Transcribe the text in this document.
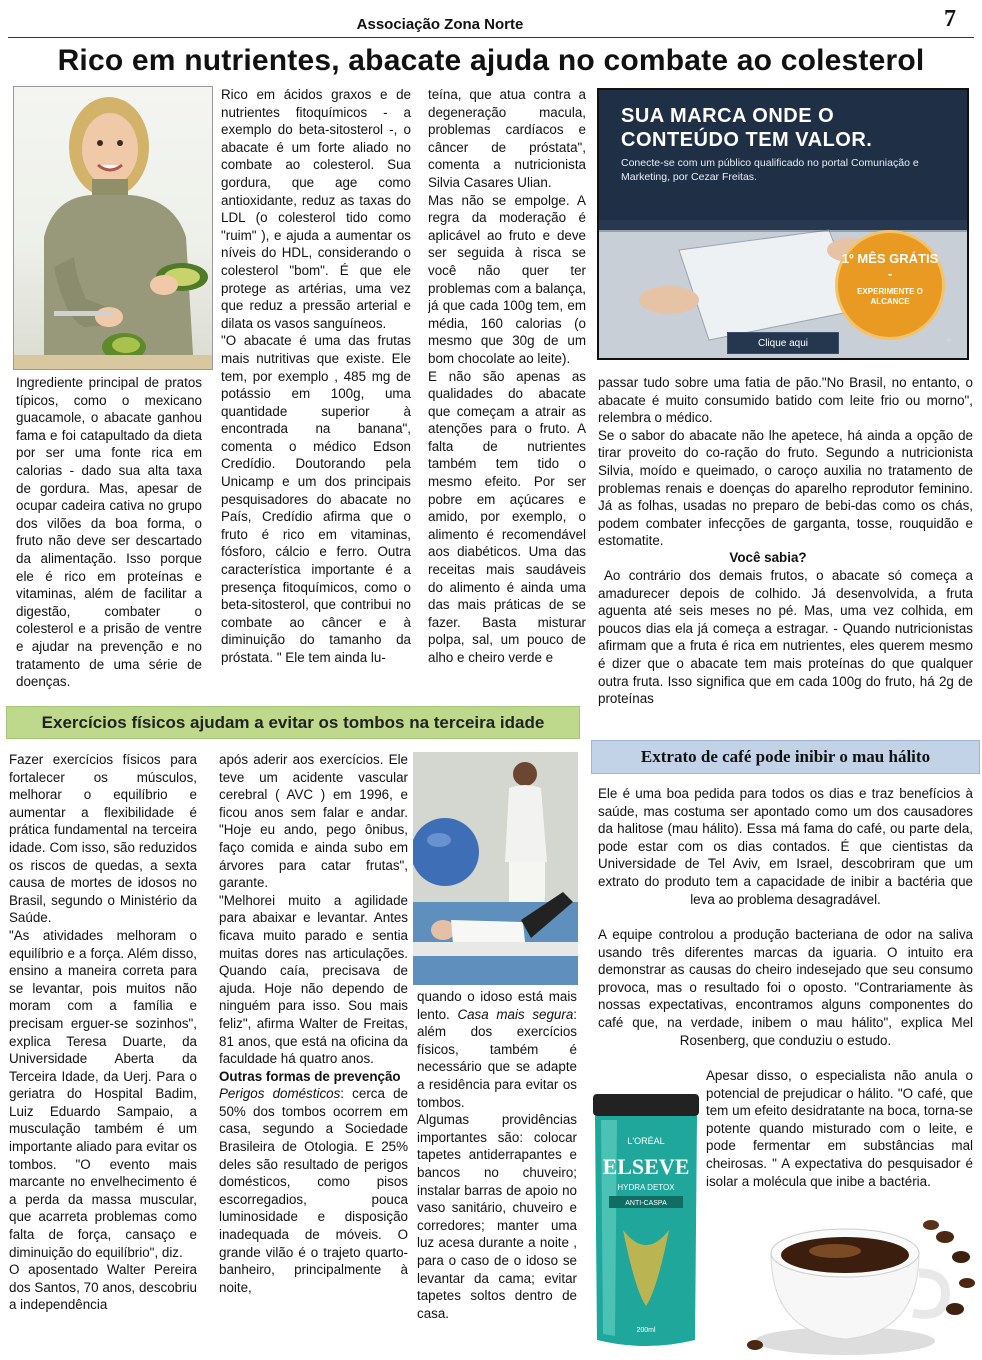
Associação Zona Norte	7
Rico em nutrientes, abacate ajuda no combate ao colesterol

Ingrediente principal de pratos típicos, como o mexicano guacamole, o abacate ganhou fama e foi catapultado da dieta por ser uma fonte rica em calorias - dado sua alta taxa de gordura. Mas, apesar de ocupar cadeira cativa no grupo dos vilões da boa forma, o fruto não deve ser descartado da alimentação. Isso porque ele é rico em proteínas e vitaminas, além de facilitar a digestão, combater o colesterol e a prisão de ventre e ajudar na prevenção e no tratamento de uma série de doenças.

Rico em ácidos graxos e de nutrientes fitoquímicos - a exemplo do beta-sitosterol -, o abacate é um forte aliado no combate ao colesterol. Sua gordura, que age como antioxidante, reduz as taxas do LDL (o colesterol tido como "ruim" ), e ajuda a aumentar os níveis do HDL, considerando o colesterol "bom". É que ele protege as artérias, uma vez que reduz a pressão arterial e dilata os vasos sanguíneos.

"O abacate é uma das frutas mais nutritivas que existe. Ele tem, por exemplo , 485 mg de potássio em 100g, uma quantidade superior à encontrada na banana", comenta o médico Edson Credídio. Doutorando pela Unicamp e um dos principais pesquisadores do abacate no País, Credídio afirma que o fruto é rico em vitaminas, fósforo, cálcio e ferro. Outra característica importante é a presença fitoquímicos, como o beta-sitosterol, que contribui no combate ao câncer e à diminuição do tamanho da próstata. " Ele tem ainda lu-

teína, que atua contra a degeneração macula, problemas cardíacos e câncer de próstata", comenta a nutricionista Silvia Casares Ulian.

Mas não se empolge. A regra da moderação é aplicável ao fruto e deve ser seguida à risca se você não quer ter problemas com a balança, já que cada 100g tem, em média, 160 calorias (o mesmo que 30g de um bom chocolate ao leite).

E não são apenas as qualidades do abacate que começam a atrair as atenções para o fruto. A falta de nutrientes também tem tido o mesmo efeito. Por ser pobre em açúcares e amido, por exemplo, o alimento é recomendável aos diabéticos. Uma das receitas mais saudáveis do alimento é ainda uma das mais práticas de se fazer. Basta misturar polpa, sal, um pouco de alho e cheiro verde e

SUA MARCA ONDE O CONTEÚDO TEM VALOR.
Conecte-se com um público qualificado no portal Comuniação e Marketing, por Cezar Freitas.
1º MÊS GRÁTIS -
EXPERIMENTE O ALCANCE
Clique aqui	✦

passar tudo sobre uma fatia de pão."No Brasil, no entanto, o abacate é muito consumido batido com leite frio ou morno", relembra o médico.

Se o sabor do abacate não lhe apetece, há ainda a opção de tirar proveito do co-ração do fruto. Segundo a nutricionista Silvia, moído e queimado, o caroço auxilia no tratamento de problemas renais e doenças do aparelho reprodutor feminino. Já as folhas, usadas no preparo de bebi-das como os chás, podem combater infecções de garganta, tosse, rouquidão e estomatite.

Você sabia?
Ao contrário dos demais frutos, o abacate só começa a amadurecer depois de colhido. Já desenvolvida, a fruta aguenta até seis meses no pé. Mas, uma vez colhida, em poucos dias ela já começa a estragar. - Quando nutricionistas afirmam que a fruta é rica em nutrientes, eles querem mesmo é dizer que o abacate tem mais proteínas do que qualquer outra fruta. Isso significa que em cada 100g do fruto, há 2g de proteínas
Exercícios físicos ajudam a evitar os tombos na terceira idade

Fazer exercícios físicos para fortalecer os músculos, melhorar o equilíbrio e aumentar a flexibilidade é prática fundamental na terceira idade. Com isso, são reduzidos os riscos de quedas, a sexta causa de mortes de idosos no Brasil, segundo o Ministério da Saúde.

"As atividades melhoram o equilíbrio e a força. Além disso, ensino a maneira correta para se levantar, pois muitos não moram com a família e precisam erguer-se sozinhos", explica Teresa Duarte, da Universidade Aberta da Terceira Idade, da Uerj. Para o geriatra do Hospital Badim, Luiz Eduardo Sampaio, a musculação também é um importante aliado para evitar os tombos. "O evento mais marcante no envelhecimento é a perda da massa muscular, que acarreta problemas como falta de força, cansaço e diminuição do equilíbrio", diz.

O aposentado Walter Pereira dos Santos, 70 anos, descobriu a independência

após aderir aos exercícios. Ele teve um acidente vascular cerebral ( AVC ) em 1996, e ficou anos sem falar e andar. "Hoje eu ando, pego ônibus, faço comida e ainda subo em árvores para catar frutas", garante.

"Melhorei muito a agilidade para abaixar e levantar. Antes ficava muito parado e sentia muitas dores nas articulações. Quando caía, precisava de ajuda. Hoje não dependo de ninguém para isso. Sou mais feliz", afirma Walter de Freitas, 81 anos, que está na oficina da faculdade há quatro anos.

Outras formas de prevenção

Perigos domésticos: cerca de 50% dos tombos ocorrem em casa, segundo a Sociedade Brasileira de Otologia. E 25% deles são resultado de perigos domésticos, como pisos escorregadios, pouca luminosidade e disposição inadequada de móveis. O grande vilão é o trajeto quarto-banheiro, principalmente à noite,

quando o idoso está mais lento. Casa mais segura: além dos exercícios físicos, também é necessário que se adapte a residência para evitar os tombos.

Algumas providências importantes são: colocar tapetes antiderrapantes e bancos no chuveiro; instalar barras de apoio no vaso sanitário, chuveiro e corredores; manter uma luz acesa durante a noite , para o caso de o idoso se levantar da cama; evitar tapetes soltos dentro de casa.

Extrato de café pode inibir o mau hálito
Ele é uma boa pedida para todos os dias e traz benefícios à saúde, mas costuma ser apontado como um dos causadores da halitose (mau hálito). Essa má fama do café, ou parte dela, pode estar com os dias contados. É que cientistas da Universidade de Tel Aviv, em Israel, descobriram que um extrato do produto tem a capacidade de inibir a bactéria que leva ao problema desagradável.
A equipe controlou a produção bacteriana de odor na saliva usando três diferentes marcas da iguaria. O intuito era demonstrar as causas do cheiro indesejado que seu consumo provoca, mas o resultado foi o oposto. "Contrariamente às nossas expectativas, encontramos alguns componentes do café que, na verdade, inibem o mau hálito", explica Mel Rosenberg, que conduziu o estudo.
Apesar disso, o especialista não anula o potencial de prejudicar o hálito. "O café, que tem um efeito desidratante na boca, torna-se potente quando misturado com o leite, e pode fermentar em substâncias mal cheirosas. " A expectativa do pesquisador é isolar a molécula que inibe a bactéria.
L'ORÉAL
ELSEVE
HYDRA DETOX
ANTI-CASPA
200ml
